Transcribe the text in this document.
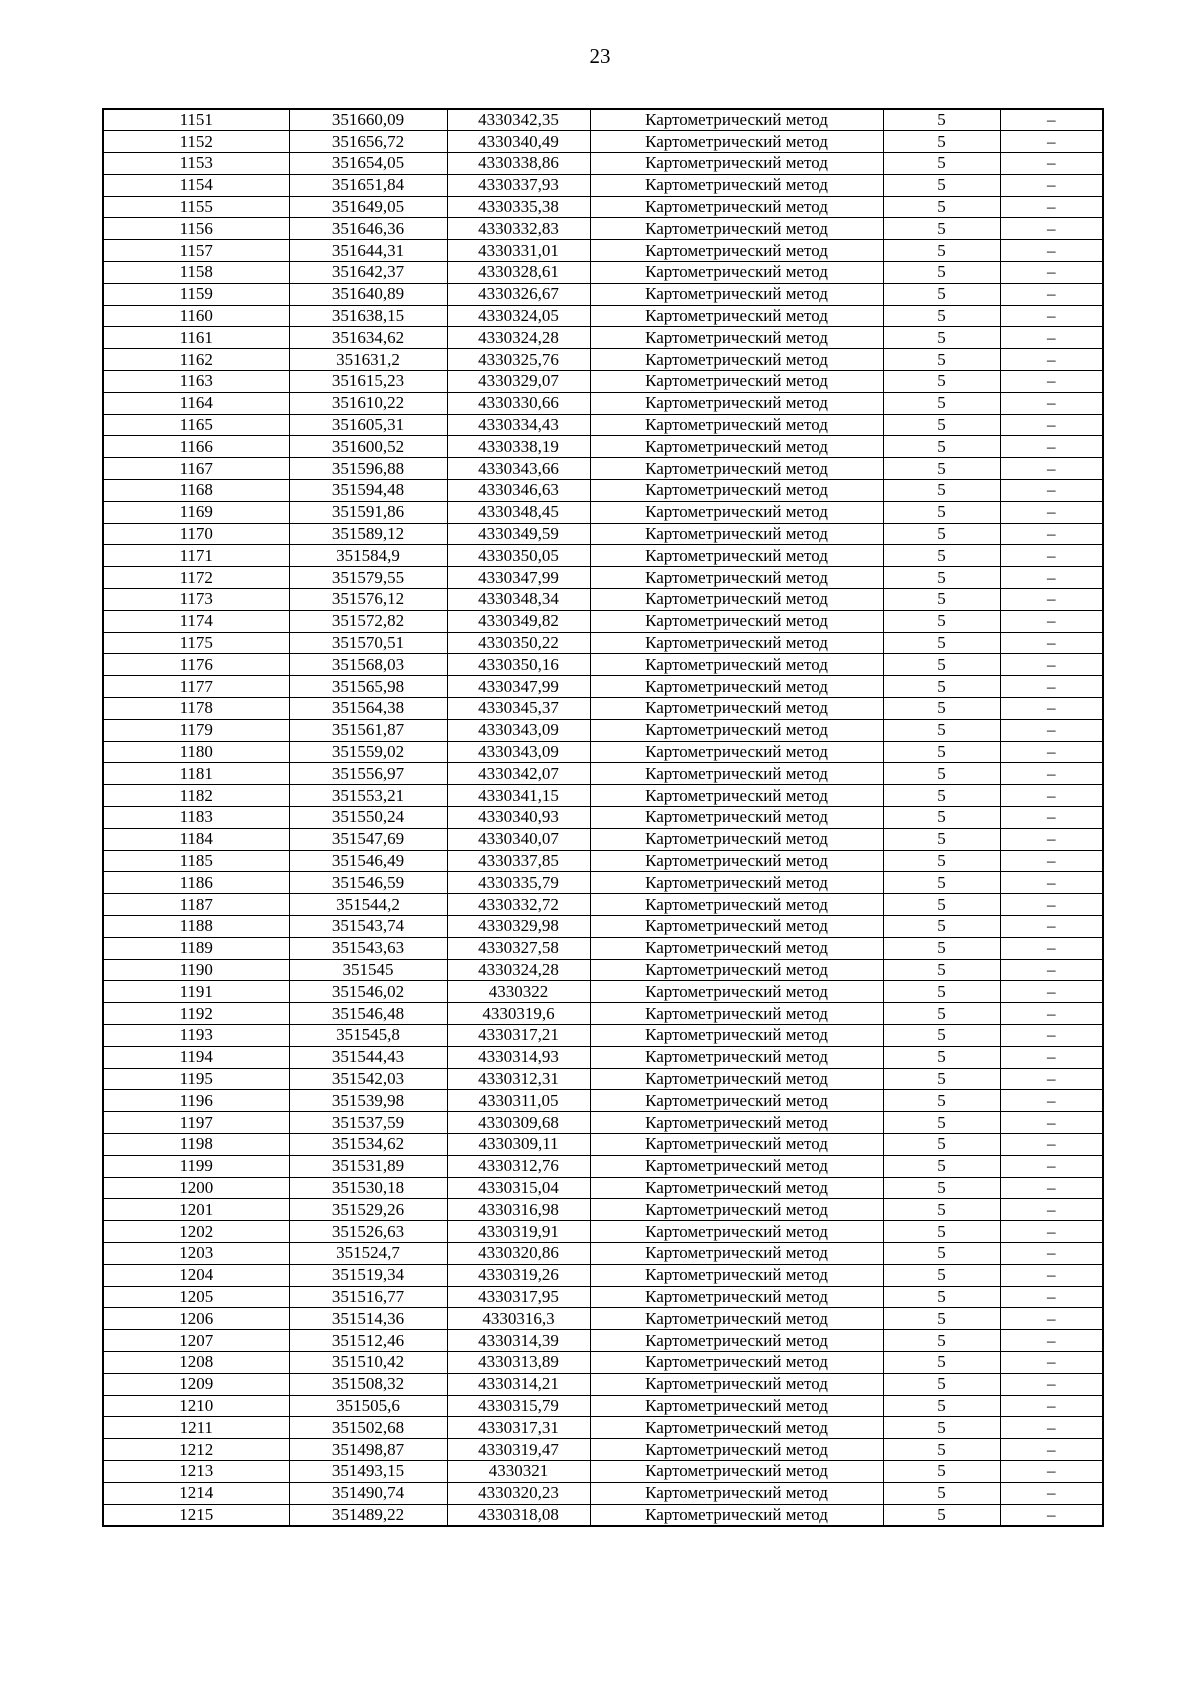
23
1151	351660,09	4330342,35	Картометрический метод	5	–
1152	351656,72	4330340,49	Картометрический метод	5	–
1153	351654,05	4330338,86	Картометрический метод	5	–
1154	351651,84	4330337,93	Картометрический метод	5	–
1155	351649,05	4330335,38	Картометрический метод	5	–
1156	351646,36	4330332,83	Картометрический метод	5	–
1157	351644,31	4330331,01	Картометрический метод	5	–
1158	351642,37	4330328,61	Картометрический метод	5	–
1159	351640,89	4330326,67	Картометрический метод	5	–
1160	351638,15	4330324,05	Картометрический метод	5	–
1161	351634,62	4330324,28	Картометрический метод	5	–
1162	351631,2	4330325,76	Картометрический метод	5	–
1163	351615,23	4330329,07	Картометрический метод	5	–
1164	351610,22	4330330,66	Картометрический метод	5	–
1165	351605,31	4330334,43	Картометрический метод	5	–
1166	351600,52	4330338,19	Картометрический метод	5	–
1167	351596,88	4330343,66	Картометрический метод	5	–
1168	351594,48	4330346,63	Картометрический метод	5	–
1169	351591,86	4330348,45	Картометрический метод	5	–
1170	351589,12	4330349,59	Картометрический метод	5	–
1171	351584,9	4330350,05	Картометрический метод	5	–
1172	351579,55	4330347,99	Картометрический метод	5	–
1173	351576,12	4330348,34	Картометрический метод	5	–
1174	351572,82	4330349,82	Картометрический метод	5	–
1175	351570,51	4330350,22	Картометрический метод	5	–
1176	351568,03	4330350,16	Картометрический метод	5	–
1177	351565,98	4330347,99	Картометрический метод	5	–
1178	351564,38	4330345,37	Картометрический метод	5	–
1179	351561,87	4330343,09	Картометрический метод	5	–
1180	351559,02	4330343,09	Картометрический метод	5	–
1181	351556,97	4330342,07	Картометрический метод	5	–
1182	351553,21	4330341,15	Картометрический метод	5	–
1183	351550,24	4330340,93	Картометрический метод	5	–
1184	351547,69	4330340,07	Картометрический метод	5	–
1185	351546,49	4330337,85	Картометрический метод	5	–
1186	351546,59	4330335,79	Картометрический метод	5	–
1187	351544,2	4330332,72	Картометрический метод	5	–
1188	351543,74	4330329,98	Картометрический метод	5	–
1189	351543,63	4330327,58	Картометрический метод	5	–
1190	351545	4330324,28	Картометрический метод	5	–
1191	351546,02	4330322	Картометрический метод	5	–
1192	351546,48	4330319,6	Картометрический метод	5	–
1193	351545,8	4330317,21	Картометрический метод	5	–
1194	351544,43	4330314,93	Картометрический метод	5	–
1195	351542,03	4330312,31	Картометрический метод	5	–
1196	351539,98	4330311,05	Картометрический метод	5	–
1197	351537,59	4330309,68	Картометрический метод	5	–
1198	351534,62	4330309,11	Картометрический метод	5	–
1199	351531,89	4330312,76	Картометрический метод	5	–
1200	351530,18	4330315,04	Картометрический метод	5	–
1201	351529,26	4330316,98	Картометрический метод	5	–
1202	351526,63	4330319,91	Картометрический метод	5	–
1203	351524,7	4330320,86	Картометрический метод	5	–
1204	351519,34	4330319,26	Картометрический метод	5	–
1205	351516,77	4330317,95	Картометрический метод	5	–
1206	351514,36	4330316,3	Картометрический метод	5	–
1207	351512,46	4330314,39	Картометрический метод	5	–
1208	351510,42	4330313,89	Картометрический метод	5	–
1209	351508,32	4330314,21	Картометрический метод	5	–
1210	351505,6	4330315,79	Картометрический метод	5	–
1211	351502,68	4330317,31	Картометрический метод	5	–
1212	351498,87	4330319,47	Картометрический метод	5	–
1213	351493,15	4330321	Картометрический метод	5	–
1214	351490,74	4330320,23	Картометрический метод	5	–
1215	351489,22	4330318,08	Картометрический метод	5	–
